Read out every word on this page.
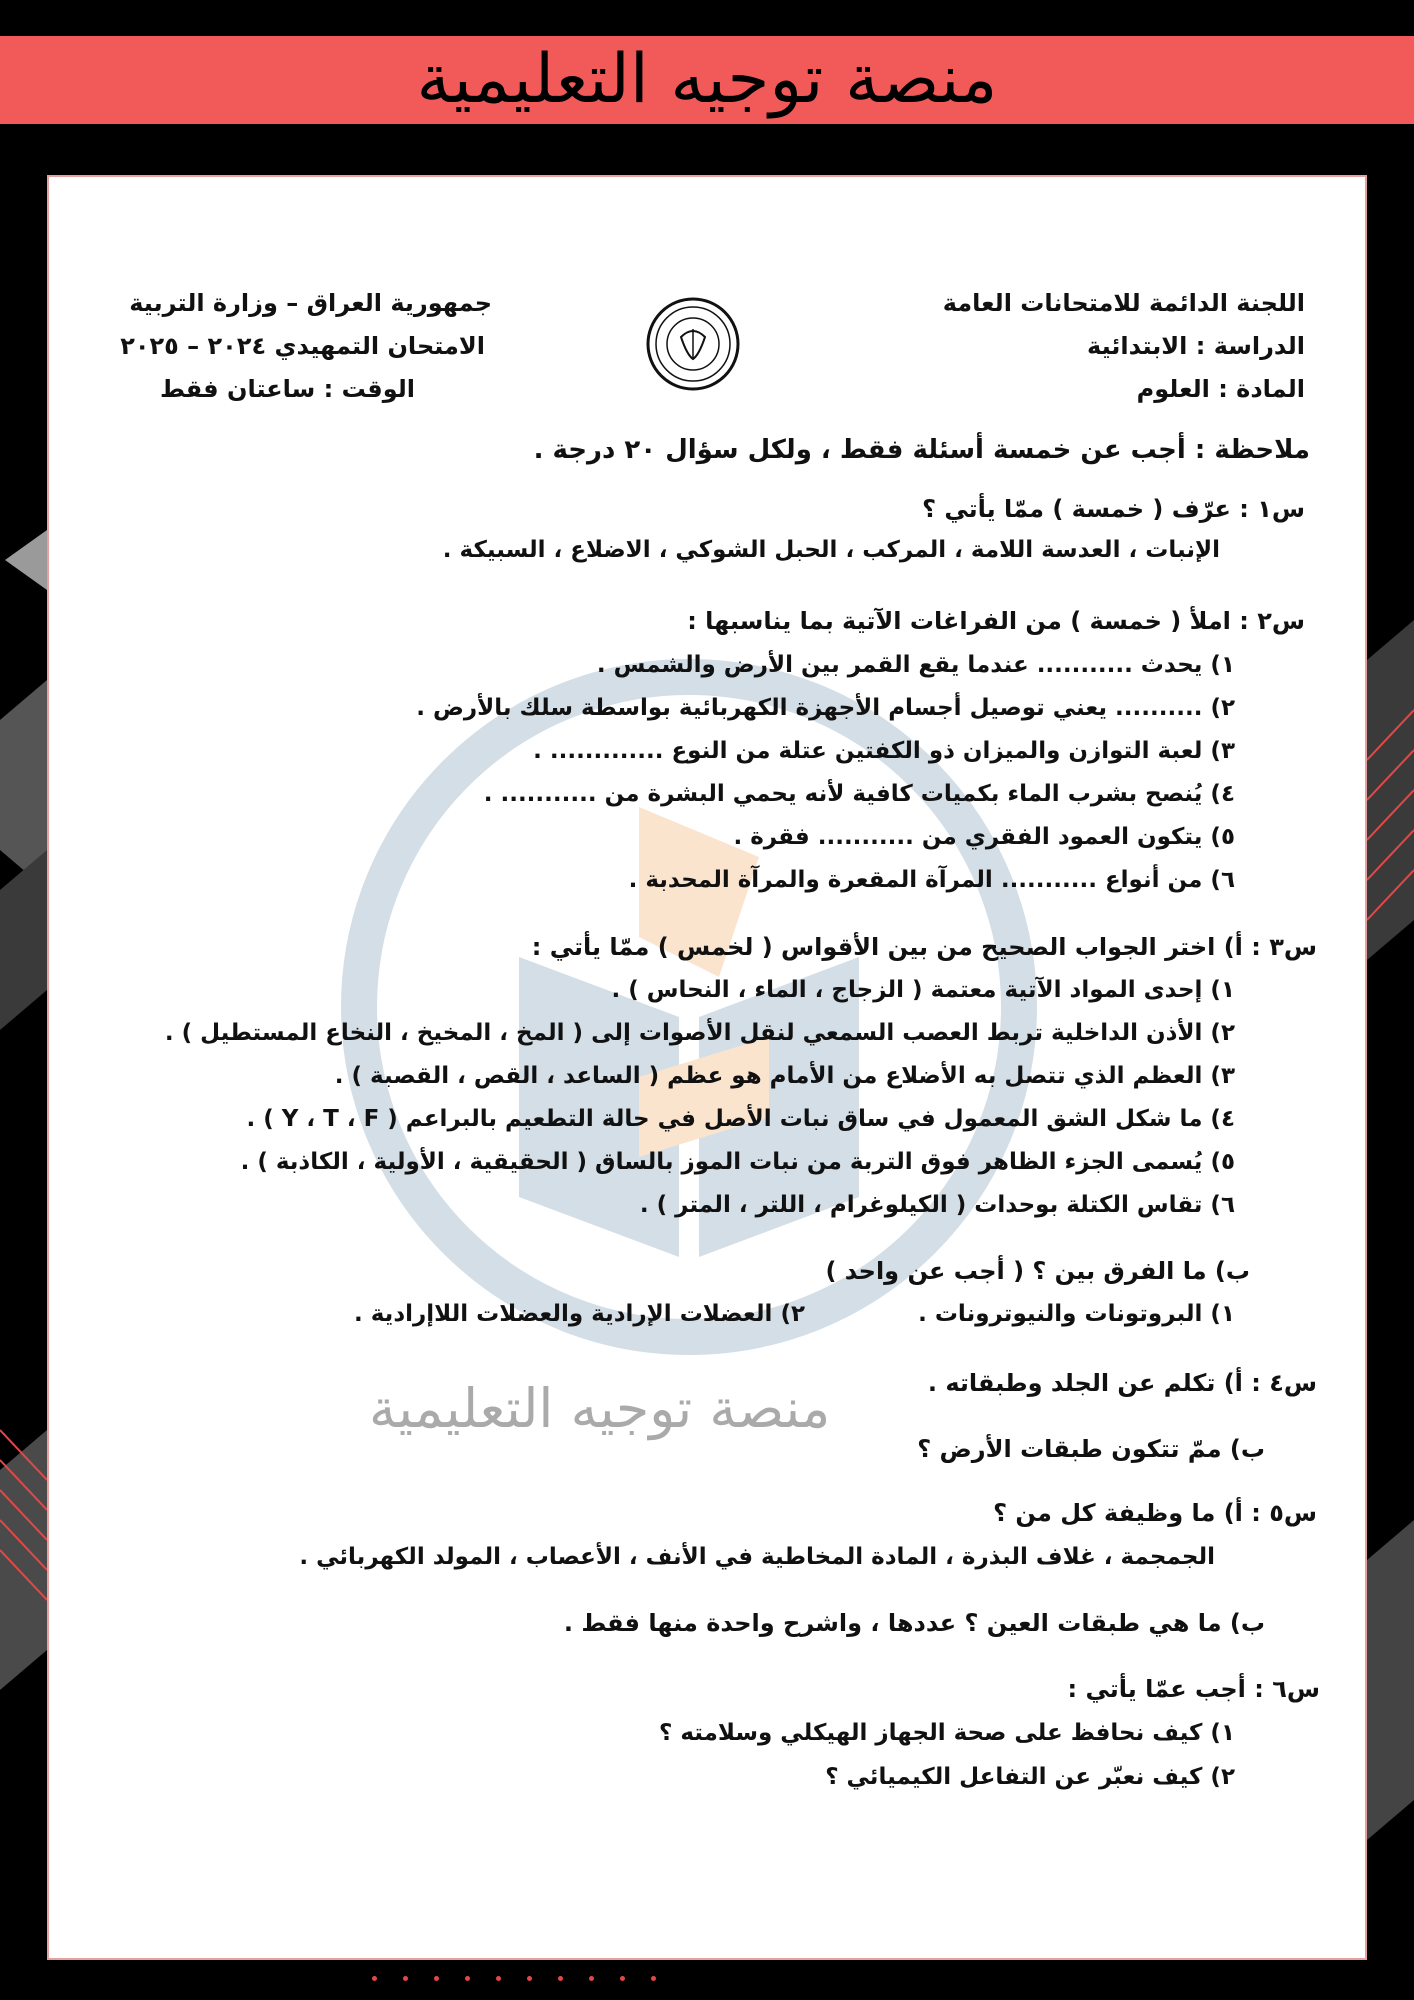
منصة توجيه التعليمية
منصة توجيه التعليمية
اللجنة الدائمة للامتحانات العامة
الدراسة : الابتدائية
المادة : العلوم
جمهورية العراق – وزارة التربية
الامتحان التمهيدي ٢٠٢٤ – ٢٠٢٥
الوقت : ساعتان فقط
ملاحظة : أجب عن خمسة أسئلة فقط ، ولكل سؤال ٢٠ درجة .
س١ : عرّف ( خمسة ) ممّا يأتي ؟
الإنبات ، العدسة اللامة ، المركب ، الحبل الشوكي ، الاضلاع ، السبيكة .
س٢ : املأ ( خمسة ) من الفراغات الآتية بما يناسبها :
١) يحدث ........... عندما يقع القمر بين الأرض والشمس .
٢) .......... يعني توصيل أجسام الأجهزة الكهربائية بواسطة سلك بالأرض .
٣) لعبة التوازن والميزان ذو الكفتين عتلة من النوع ............. .
٤) يُنصح بشرب الماء بكميات كافية لأنه يحمي البشرة من ........... .
٥) يتكون العمود الفقري من ........... فقرة .
٦) من أنواع ........... المرآة المقعرة والمرآة المحدبة .
س٣ : أ) اختر الجواب الصحيح من بين الأقواس ( لخمس ) ممّا يأتي :
١) إحدى المواد الآتية معتمة ( الزجاج ، الماء ، النحاس ) .
٢) الأذن الداخلية تربط العصب السمعي لنقل الأصوات إلى ( المخ ، المخيخ ، النخاع المستطيل ) .
٣) العظم الذي تتصل به الأضلاع من الأمام هو عظم ( الساعد ، القص ، القصبة ) .
٤) ما شكل الشق المعمول في ساق نبات الأصل في حالة التطعيم بالبراعم ( Y ، T ، F ) .
٥) يُسمى الجزء الظاهر فوق التربة من نبات الموز بالساق ( الحقيقية ، الأولية ، الكاذبة ) .
٦) تقاس الكتلة بوحدات ( الكيلوغرام ، اللتر ، المتر ) .
ب) ما الفرق بين ؟ ( أجب عن واحد )
١) البروتونات والنيوترونات .
٢) العضلات الإرادية والعضلات اللاإرادية .
س٤ : أ) تكلم عن الجلد وطبقاته .
ب) ممّ تتكون طبقات الأرض ؟
س٥ : أ) ما وظيفة كل من ؟
الجمجمة ، غلاف البذرة ، المادة المخاطية في الأنف ، الأعصاب ، المولد الكهربائي .
ب) ما هي طبقات العين ؟ عددها ، واشرح واحدة منها فقط .
س٦ : أجب عمّا يأتي :
١) كيف نحافظ على صحة الجهاز الهيكلي وسلامته ؟
٢) كيف نعبّر عن التفاعل الكيميائي ؟
telegram : @EduTawjeeh	www.EduTawjeeh.com
